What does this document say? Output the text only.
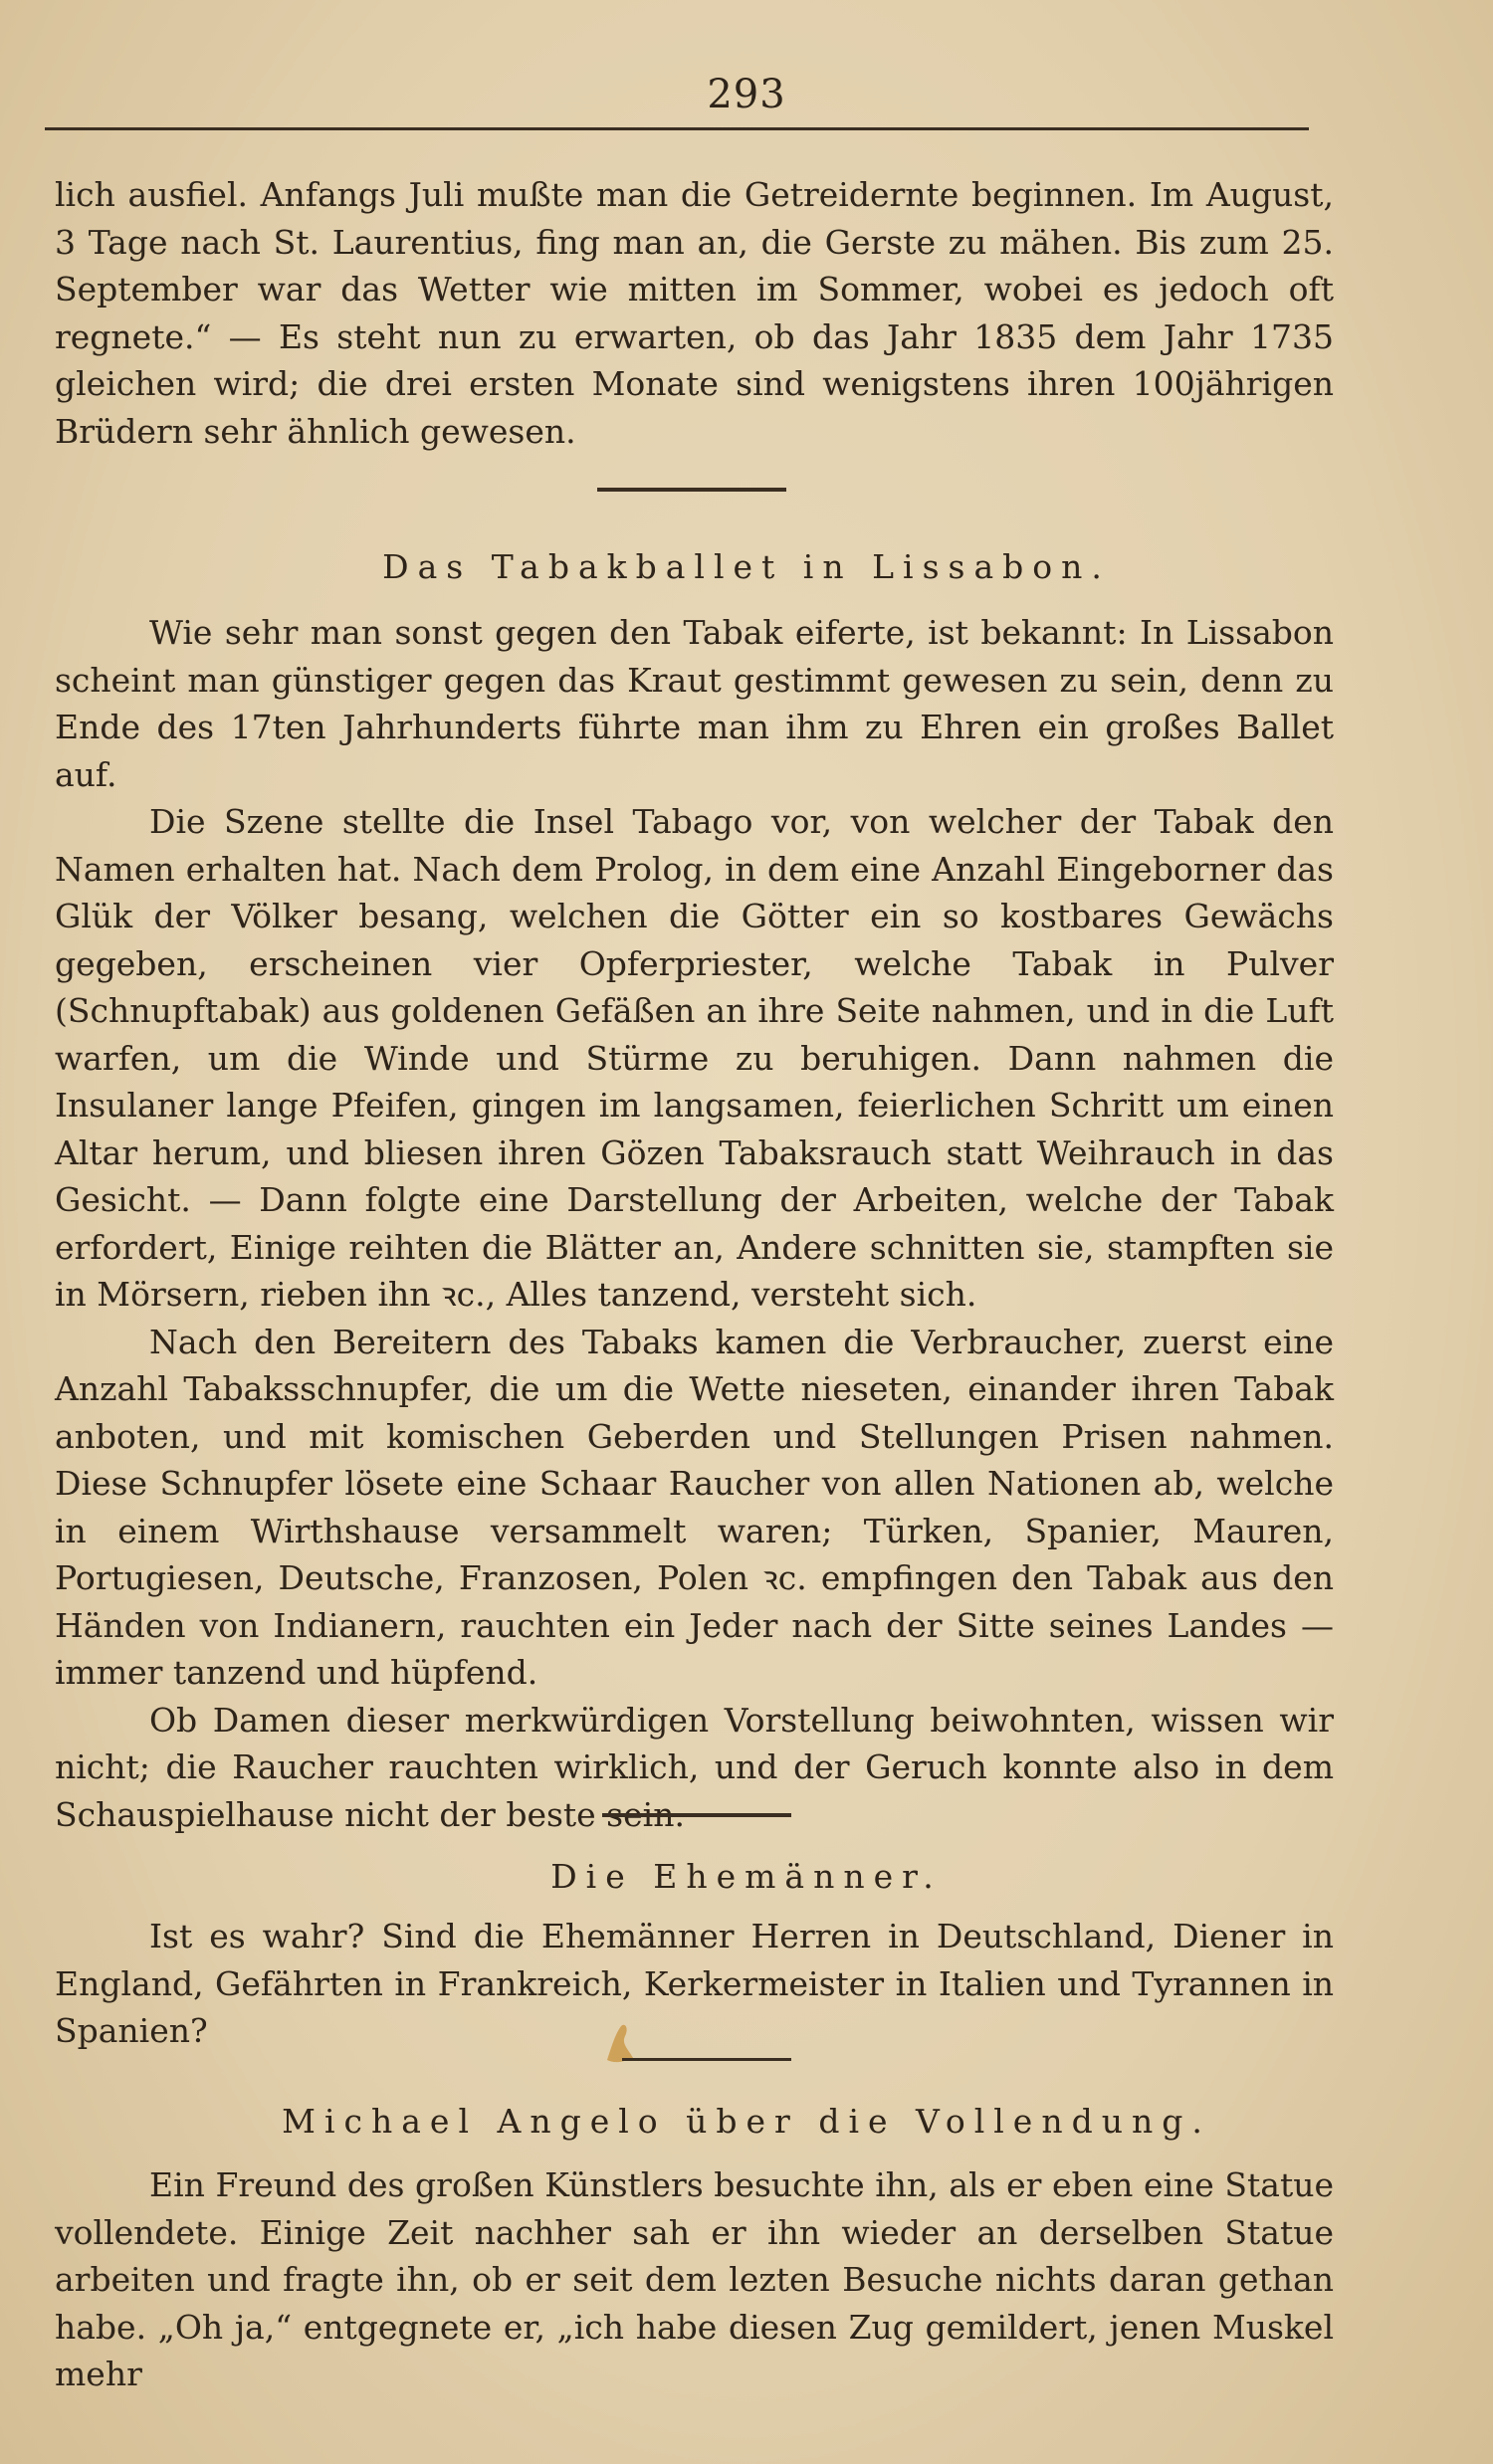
293

lich ausfiel. Anfangs Juli mußte man die Getreidernte beginnen. Im August, 3 Tage nach St. Laurentius, fing man an, die Gerste zu mähen. Bis zum 25. September war das Wetter wie mitten im Sommer, wobei es jedoch oft regnete.“ — Es steht nun zu erwarten, ob das Jahr 1835 dem Jahr 1735 gleichen wird; die drei ersten Monate sind wenigstens ihren 100jährigen Brüdern sehr ähnlich gewesen.

Das Tabakballet in Lissabon.

Wie sehr man sonst gegen den Tabak eiferte, ist bekannt: In Lissabon scheint man günstiger gegen das Kraut gestimmt gewesen zu sein, denn zu Ende des 17ten Jahrhunderts führte man ihm zu Ehren ein großes Ballet auf.

Die Szene stellte die Insel Tabago vor, von welcher der Tabak den Namen erhalten hat. Nach dem Prolog, in dem eine Anzahl Eingeborner das Glük der Völker besang, welchen die Götter ein so kostbares Gewächs gegeben, erscheinen vier Opferpriester, welche Tabak in Pulver (Schnupftabak) aus goldenen Gefäßen an ihre Seite nahmen, und in die Luft warfen, um die Winde und Stürme zu beruhigen. Dann nahmen die Insulaner lange Pfeifen, gingen im langsamen, feierlichen Schritt um einen Altar herum, und bliesen ihren Gözen Tabaksrauch statt Weihrauch in das Gesicht. — Dann folgte eine Darstellung der Arbeiten, welche der Tabak erfordert, Einige reihten die Blätter an, Andere schnitten sie, stampften sie in Mörsern, rieben ihn ꝛc., Alles tanzend, versteht sich.

Nach den Bereitern des Tabaks kamen die Verbraucher, zuerst eine Anzahl Tabaksschnupfer, die um die Wette nieseten, einander ihren Tabak anboten, und mit komischen Geberden und Stellungen Prisen nahmen. Diese Schnupfer lösete eine Schaar Raucher von allen Nationen ab, welche in einem Wirthshause versammelt waren; Türken, Spanier, Mauren, Portugiesen, Deutsche, Franzosen, Polen ꝛc. empfingen den Tabak aus den Händen von Indianern, rauchten ein Jeder nach der Sitte seines Landes — immer tanzend und hüpfend.

Ob Damen dieser merkwürdigen Vorstellung beiwohnten, wissen wir nicht; die Raucher rauchten wirklich, und der Geruch konnte also in dem Schauspielhause nicht der beste sein.

Die Ehemänner.

Ist es wahr? Sind die Ehemänner Herren in Deutschland, Diener in England, Gefährten in Frankreich, Kerkermeister in Italien und Tyrannen in Spanien?

Michael Angelo über die Vollendung.

Ein Freund des großen Künstlers besuchte ihn, als er eben eine Statue vollendete. Einige Zeit nachher sah er ihn wieder an derselben Statue arbeiten und fragte ihn, ob er seit dem lezten Besuche nichts daran gethan habe. „Oh ja,“ entgegnete er, „ich habe diesen Zug gemildert, jenen Muskel mehr
